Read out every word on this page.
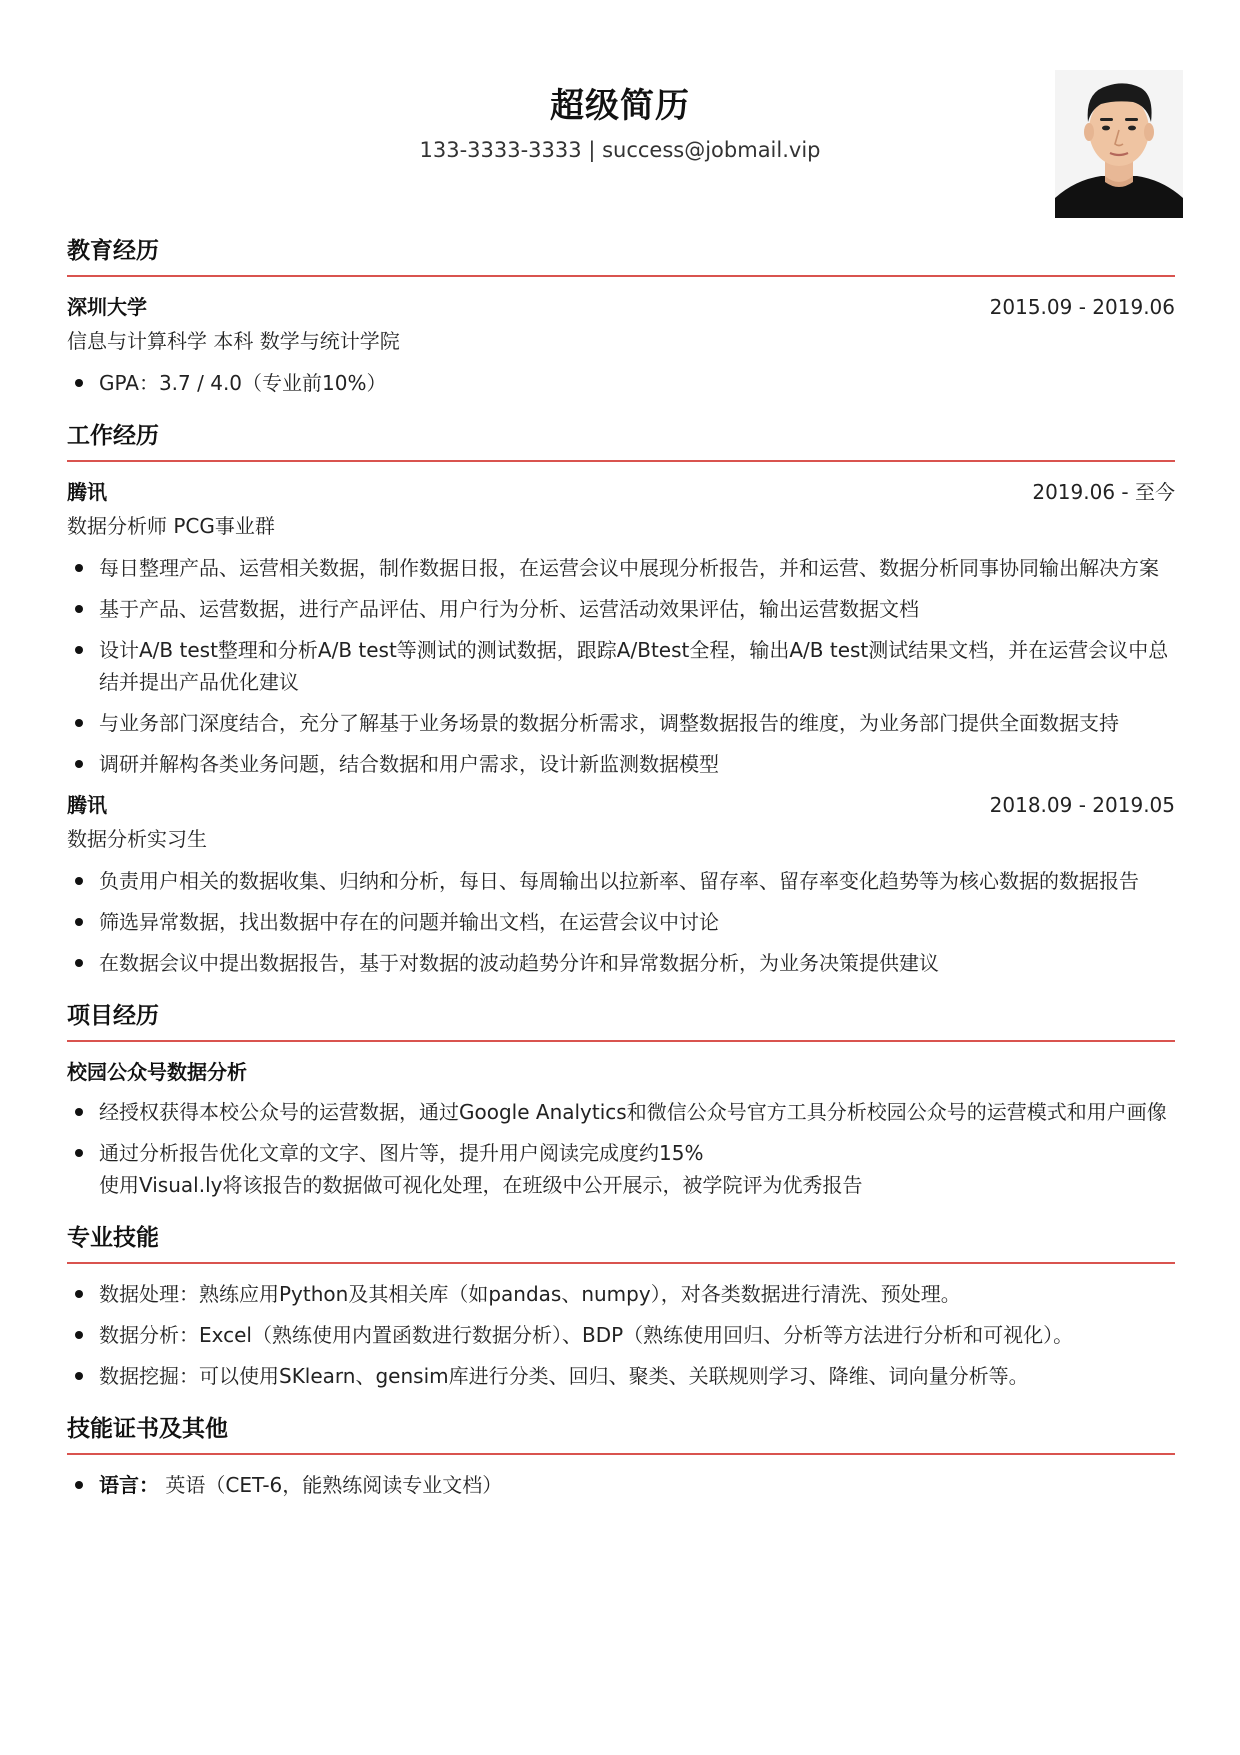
超级简历
133-3333-3333 | success@jobmail.vip
教育经历
深圳大学	2015.09 - 2019.06
信息与计算科学 本科 数学与统计学院
GPA：3.7 / 4.0（专业前10%）
工作经历
腾讯	2019.06 - 至今
数据分析师 PCG事业群
每日整理产品、运营相关数据，制作数据日报，在运营会议中展现分析报告，并和运营、数据分析同事协同输出解决方案
基于产品、运营数据，进行产品评估、用户行为分析、运营活动效果评估，输出运营数据文档
设计A/B test整理和分析A/B test等测试的测试数据，跟踪A/Btest全程，输出A/B test测试结果文档，并在运营会议中总结并提出产品优化建议
与业务部门深度结合，充分了解基于业务场景的数据分析需求，调整数据报告的维度，为业务部门提供全面数据支持
调研并解构各类业务问题，结合数据和用户需求，设计新监测数据模型
腾讯	2018.09 - 2019.05
数据分析实习生
负责用户相关的数据收集、归纳和分析，每日、每周输出以拉新率、留存率、留存率变化趋势等为核心数据的数据报告
筛选异常数据，找出数据中存在的问题并输出文档，在运营会议中讨论
在数据会议中提出数据报告，基于对数据的波动趋势分许和异常数据分析，为业务决策提供建议
项目经历
校园公众号数据分析
经授权获得本校公众号的运营数据，通过Google Analytics和微信公众号官方工具分析校园公众号的运营模式和用户画像
通过分析报告优化文章的文字、图片等，提升用户阅读完成度约15%
使用Visual.ly将该报告的数据做可视化处理，在班级中公开展示，被学院评为优秀报告
专业技能
数据处理：熟练应用Python及其相关库（如pandas、numpy），对各类数据进行清洗、预处理。
数据分析：Excel（熟练使用内置函数进行数据分析）、BDP（熟练使用回归、分析等方法进行分析和可视化）。
数据挖掘：可以使用SKlearn、gensim库进行分类、回归、聚类、关联规则学习、降维、词向量分析等。
技能证书及其他
语言： 英语（CET-6，能熟练阅读专业文档）
